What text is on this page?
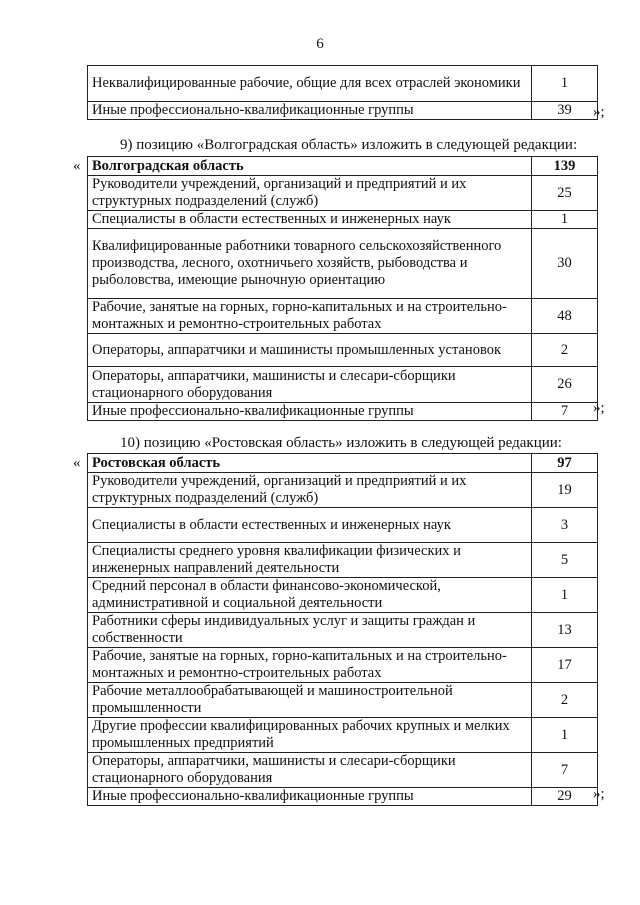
6
Неквалифицированные рабочие, общие для всех отраслей экономики	1
Иные профессионально-квалификационные группы	39 »;
9) позицию «Волгоградская область» изложить в следующей редакции:
« Волгоградская область	139
Руководители учреждений, организаций и предприятий и их структурных подразделений (служб)	25
Специалисты в области естественных и инженерных наук	1
Квалифицированные работники товарного сельскохозяйственного производства, лесного, охотничьего хозяйств, рыбоводства и рыболовства, имеющие рыночную ориентацию	30
Рабочие, занятые на горных, горно-капитальных и на строительно-монтажных и ремонтно-строительных работах	48
Операторы, аппаратчики и машинисты промышленных установок	2
Операторы, аппаратчики, машинисты и слесари-сборщики стационарного оборудования	26
Иные профессионально-квалификационные группы	7 »;
10) позицию «Ростовская область» изложить в следующей редакции:
« Ростовская область	97
Руководители учреждений, организаций и предприятий и их структурных подразделений (служб)	19
Специалисты в области естественных и инженерных наук	3
Специалисты среднего уровня квалификации физических и инженерных направлений деятельности	5
Средний персонал в области финансово-экономической, административной и социальной деятельности	1
Работники сферы индивидуальных услуг и защиты граждан и собственности	13
Рабочие, занятые на горных, горно-капитальных и на строительно-монтажных и ремонтно-строительных работах	17
Рабочие металлообрабатывающей и машиностроительной промышленности	2
Другие профессии квалифицированных рабочих крупных и мелких промышленных предприятий	1
Операторы, аппаратчики, машинисты и слесари-сборщики стационарного оборудования	7
Иные профессионально-квалификационные группы	29 »;
